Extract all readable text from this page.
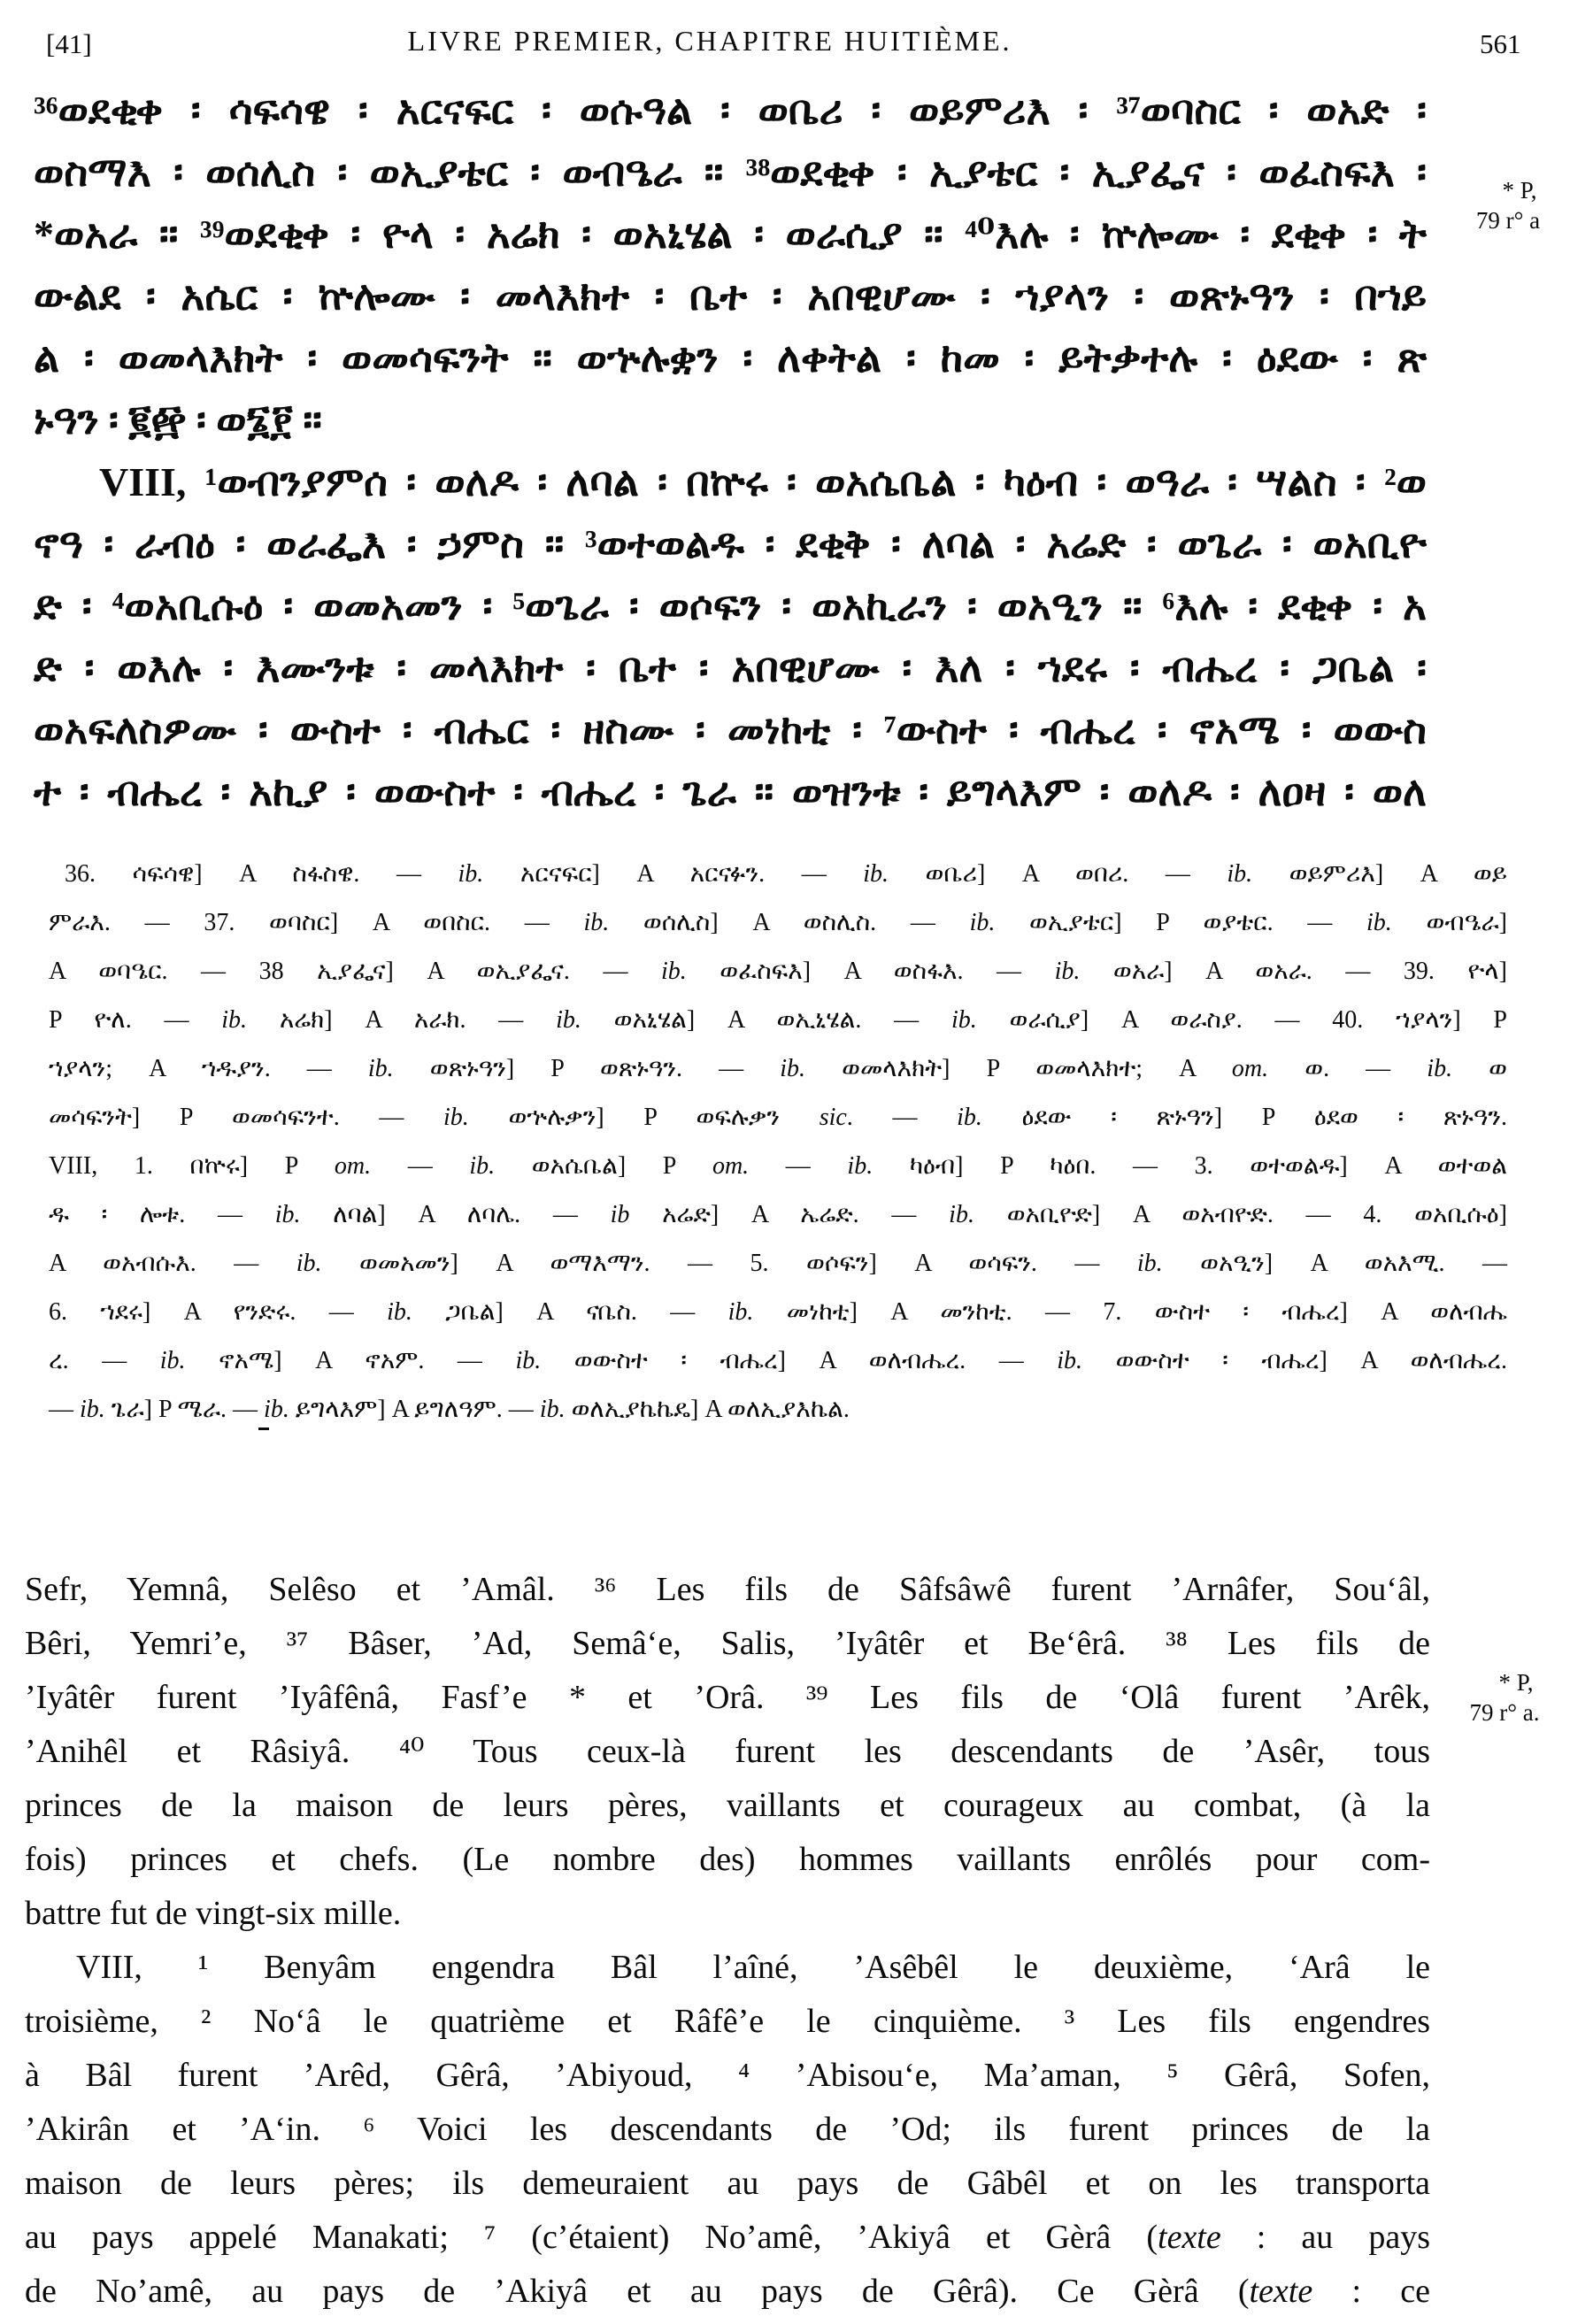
[41]	LIVRE PREMIER, CHAPITRE HUITIÈME.	561
³⁶ወደቂቀ ፡ ሳፍሳዌ ፡ አርናፍር ፡ ወሱዓል ፡ ወቤሪ ፡ ወይምሪእ ፡ ³⁷ወባስር ፡ ወአድ ፡
ወስማእ ፡ ወሰሊስ ፡ ወኢያቴር ፡ ወብዔራ ። ³⁸ወደቂቀ ፡ ኢያቴር ፡ ኢያፌና ፡ ወፈስፍእ ፡
*ወአራ ። ³⁹ወደቂቀ ፡ ዮላ ፡ አሬክ ፡ ወአኒሄል ፡ ወራሲያ ። ⁴⁰እሉ ፡ ኵሎሙ ፡ ደቂቀ ፡ ት
ውልደ ፡ አሴር ፡ ኵሎሙ ፡ መላእክተ ፡ ቤተ ፡ አበዊሆሙ ፡ ኀያላን ፡ ወጽኑዓን ፡ በኀይ
ል ፡ ወመላእክት ፡ ወመሳፍንት ። ወኍሉቋን ፡ ለቀትል ፡ ከመ ፡ ይትቃተሉ ፡ ዕደው ፡ ጽ
ኑዓን ፡ ፪፼ ፡ ወ፮፻ ።
VIII, ¹ወብንያምሰ ፡ ወለዶ ፡ ለባል ፡ በኵሩ ፡ ወአሴቤል ፡ ካዕብ ፡ ወዓራ ፡ ሣልስ ፡ ²ወ
ኖዓ ፡ ራብዕ ፡ ወራፌእ ፡ ኃምስ ። ³ወተወልዱ ፡ ደቂቅ ፡ ለባል ፡ አሬድ ፡ ወጌራ ፡ ወአቢዮ
ድ ፡ ⁴ወአቢሱዕ ፡ ወመአመን ፡ ⁵ወጌራ ፡ ወሶፍን ፡ ወአኪራን ፡ ወአዒን ። ⁶እሉ ፡ ደቂቀ ፡ አ
ድ ፡ ወእሉ ፡ እሙንቱ ፡ መላእክተ ፡ ቤተ ፡ አበዊሆሙ ፡ እለ ፡ ኀደሩ ፡ ብሔረ ፡ ጋቤል ፡
ወአፍለስዎሙ ፡ ውስተ ፡ ብሔር ፡ ዘስሙ ፡ መነከቲ ፡ ⁷ውስተ ፡ ብሔረ ፡ ኖአሜ ፡ ወውስ
ተ ፡ ብሔረ ፡ አኪያ ፡ ወውስተ ፡ ብሔረ ፡ ጌራ ። ወዝንቱ ፡ ይግላእም ፡ ወለዶ ፡ ለዐዛ ፡ ወለ
* P,
79 r° a
36. ሳፍሳዌ] A ስፋስዌ. — ib. አርናፍር] A አርናፉን. — ib. ወቤሪ] A ወበሪ. — ib. ወይምሪእ] A ወይ
ምራእ. — 37. ወባስር] A ወበስር. — ib. ወሰሊስ] A ወስሊስ. — ib. ወኢያቴር] P ወያቴር. — ib. ወብዔራ]
A ወባዔር. — 38 ኢያፌና] A ወኢያፌና. — ib. ወፈስፍእ] A ወስፋእ. — ib. ወአራ] A ወአራ. — 39. ዮላ]
P ዮለ. — ib. አሬክ] A አራክ. — ib. ወአኒሄል] A ወኢኒሄል. — ib. ወራሲያ] A ወራስያ. — 40. ኀያላን] P
ኀያላን; A ኀዱያን. — ib. ወጽኑዓን] P ወጽኑዓን. — ib. ወመላእክት] P ወመላእክተ; A om. ወ. — ib. ወ
መሳፍንት] P ወመሳፍንተ. — ib. ወኍሉቃን] P ወፍሉቃን sic. — ib. ዕደው ፡ ጽኑዓን] P ዕደወ ፡ ጽኑዓን.
VIII, 1. በኵሩ] P om. — ib. ወአሴቤል] P om. — ib. ካዕብ] P ካዕበ. — 3. ወተወልዱ] A ወተወል
ዱ ፡ ሎቱ. — ib. ለባል] A ለባሌ. — ib አሬድ] A ኤሬድ. — ib. ወአቢዮድ] A ወአብዮድ. — 4. ወአቢሱዕ]
A ወአብሱእ. — ib. ወመአመን] A ወማእማን. — 5. ወሶፍን] A ወሳፍን. — ib. ወአዒን] A ወአእሚ. —
6. ኀደሩ] A የንድሩ. — ib. ጋቤል] A ናቤስ. — ib. መነከቲ] A መንከቲ. — 7. ውስተ ፡ ብሔረ] A ወለብሔ
ረ. — ib. ኖአሜ] A ኖአም. — ib. ወውስተ ፡ ብሔረ] A ወለብሔረ. — ib. ወውስተ ፡ ብሔረ] A ወለብሔረ.
— ib. ጌራ] P ሜራ. — ib. ይግላእም] A ይግለዓም. — ib. ወለኢያኬኬዴ] A ወለኢያእኬል.
Sefr, Yemnâ, Selêso et ’Amâl. ³⁶ Les fils de Sâfsâwê furent ’Arnâfer, Sou‘âl,
Bêri, Yemri’e, ³⁷ Bâser, ’Ad, Semâ‘e, Salis, ’Iyâtêr et Be‘êrâ. ³⁸ Les fils de
’Iyâtêr furent ’Iyâfênâ, Fasf’e * et ’Orâ. ³⁹ Les fils de ‘Olâ furent ’Arêk,
’Anihêl et Râsiyâ. ⁴⁰ Tous ceux-là furent les descendants de ’Asêr, tous
princes de la maison de leurs pères, vaillants et courageux au combat, (à la
fois) princes et chefs. (Le nombre des) hommes vaillants enrôlés pour com-
battre fut de vingt-six mille.
VIII, ¹ Benyâm engendra Bâl l’aîné, ’Asêbêl le deuxième, ‘Arâ le
troisième, ² No‘â le quatrième et Râfê’e le cinquième. ³ Les fils engendres
à Bâl furent ’Arêd, Gêrâ, ’Abiyoud, ⁴ ’Abisou‘e, Ma’aman, ⁵ Gêrâ, Sofen,
’Akirân et ’A‘in. ⁶ Voici les descendants de ’Od; ils furent princes de la
maison de leurs pères; ils demeuraient au pays de Gâbêl et on les transporta
au pays appelé Manakati; ⁷ (c’étaient) No’amê, ’Akiyâ et Gèrâ (texte : au pays
de No’amê, au pays de ’Akiyâ et au pays de Gêrâ). Ce Gèrâ (texte : ce
* P,
79 r° a.
